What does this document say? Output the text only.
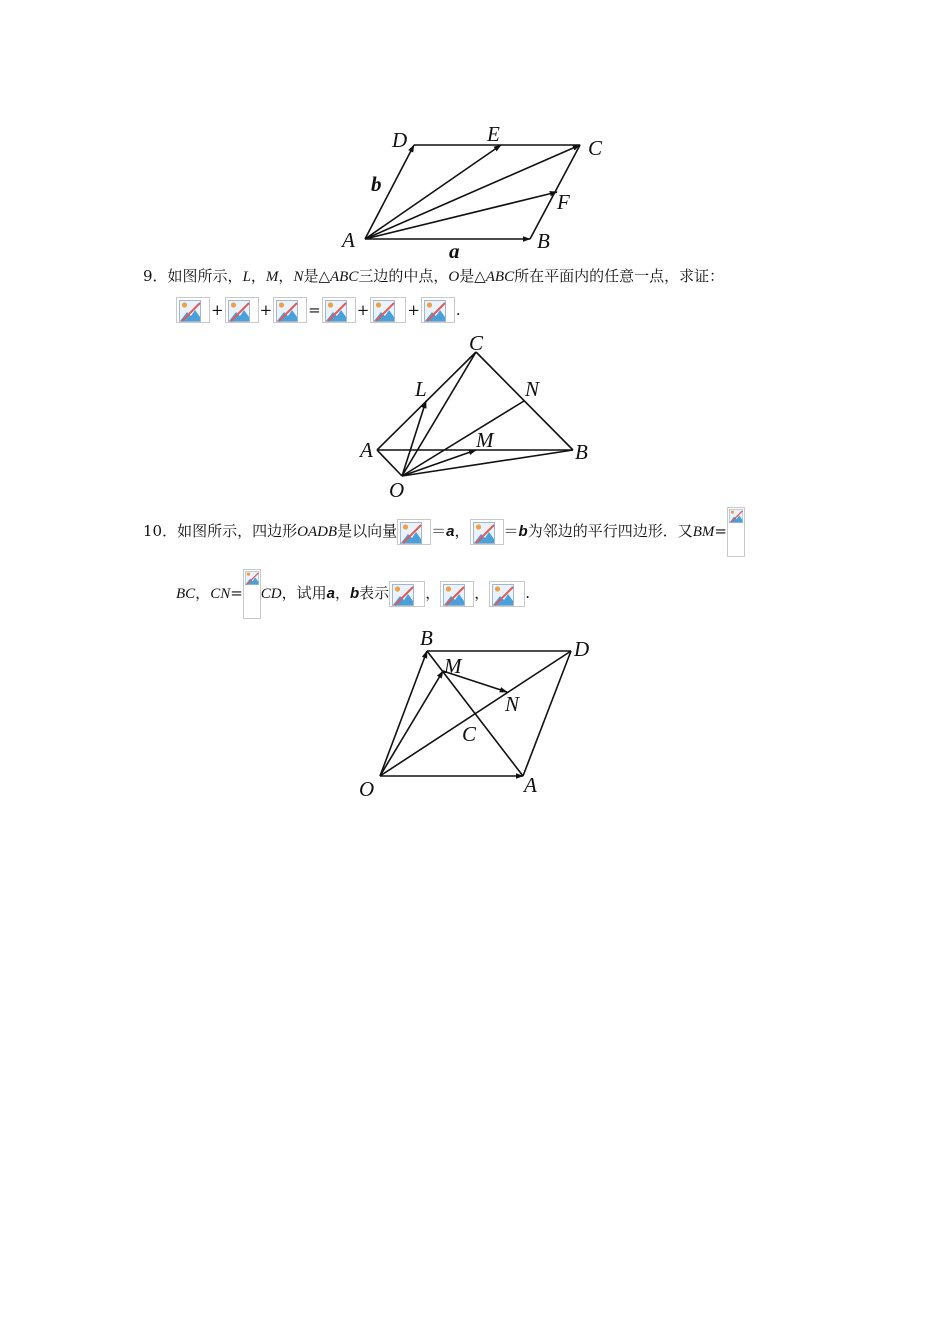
A	B
C
D	E
F
a
b
9．如图所示，L，M，N是△ABC三边的中点，O是△ABC所在平面内的任意一点，求证：
+ + = +	+ .
A	B
C
L
M
N
O
10．如图所示，四边形OADB是以向量 ＝a， ＝b为邻边的平行四边形．又BM=
BC，CN= CD，试用a，b表示 ， ， .
B	D
M
N
C
O	A
